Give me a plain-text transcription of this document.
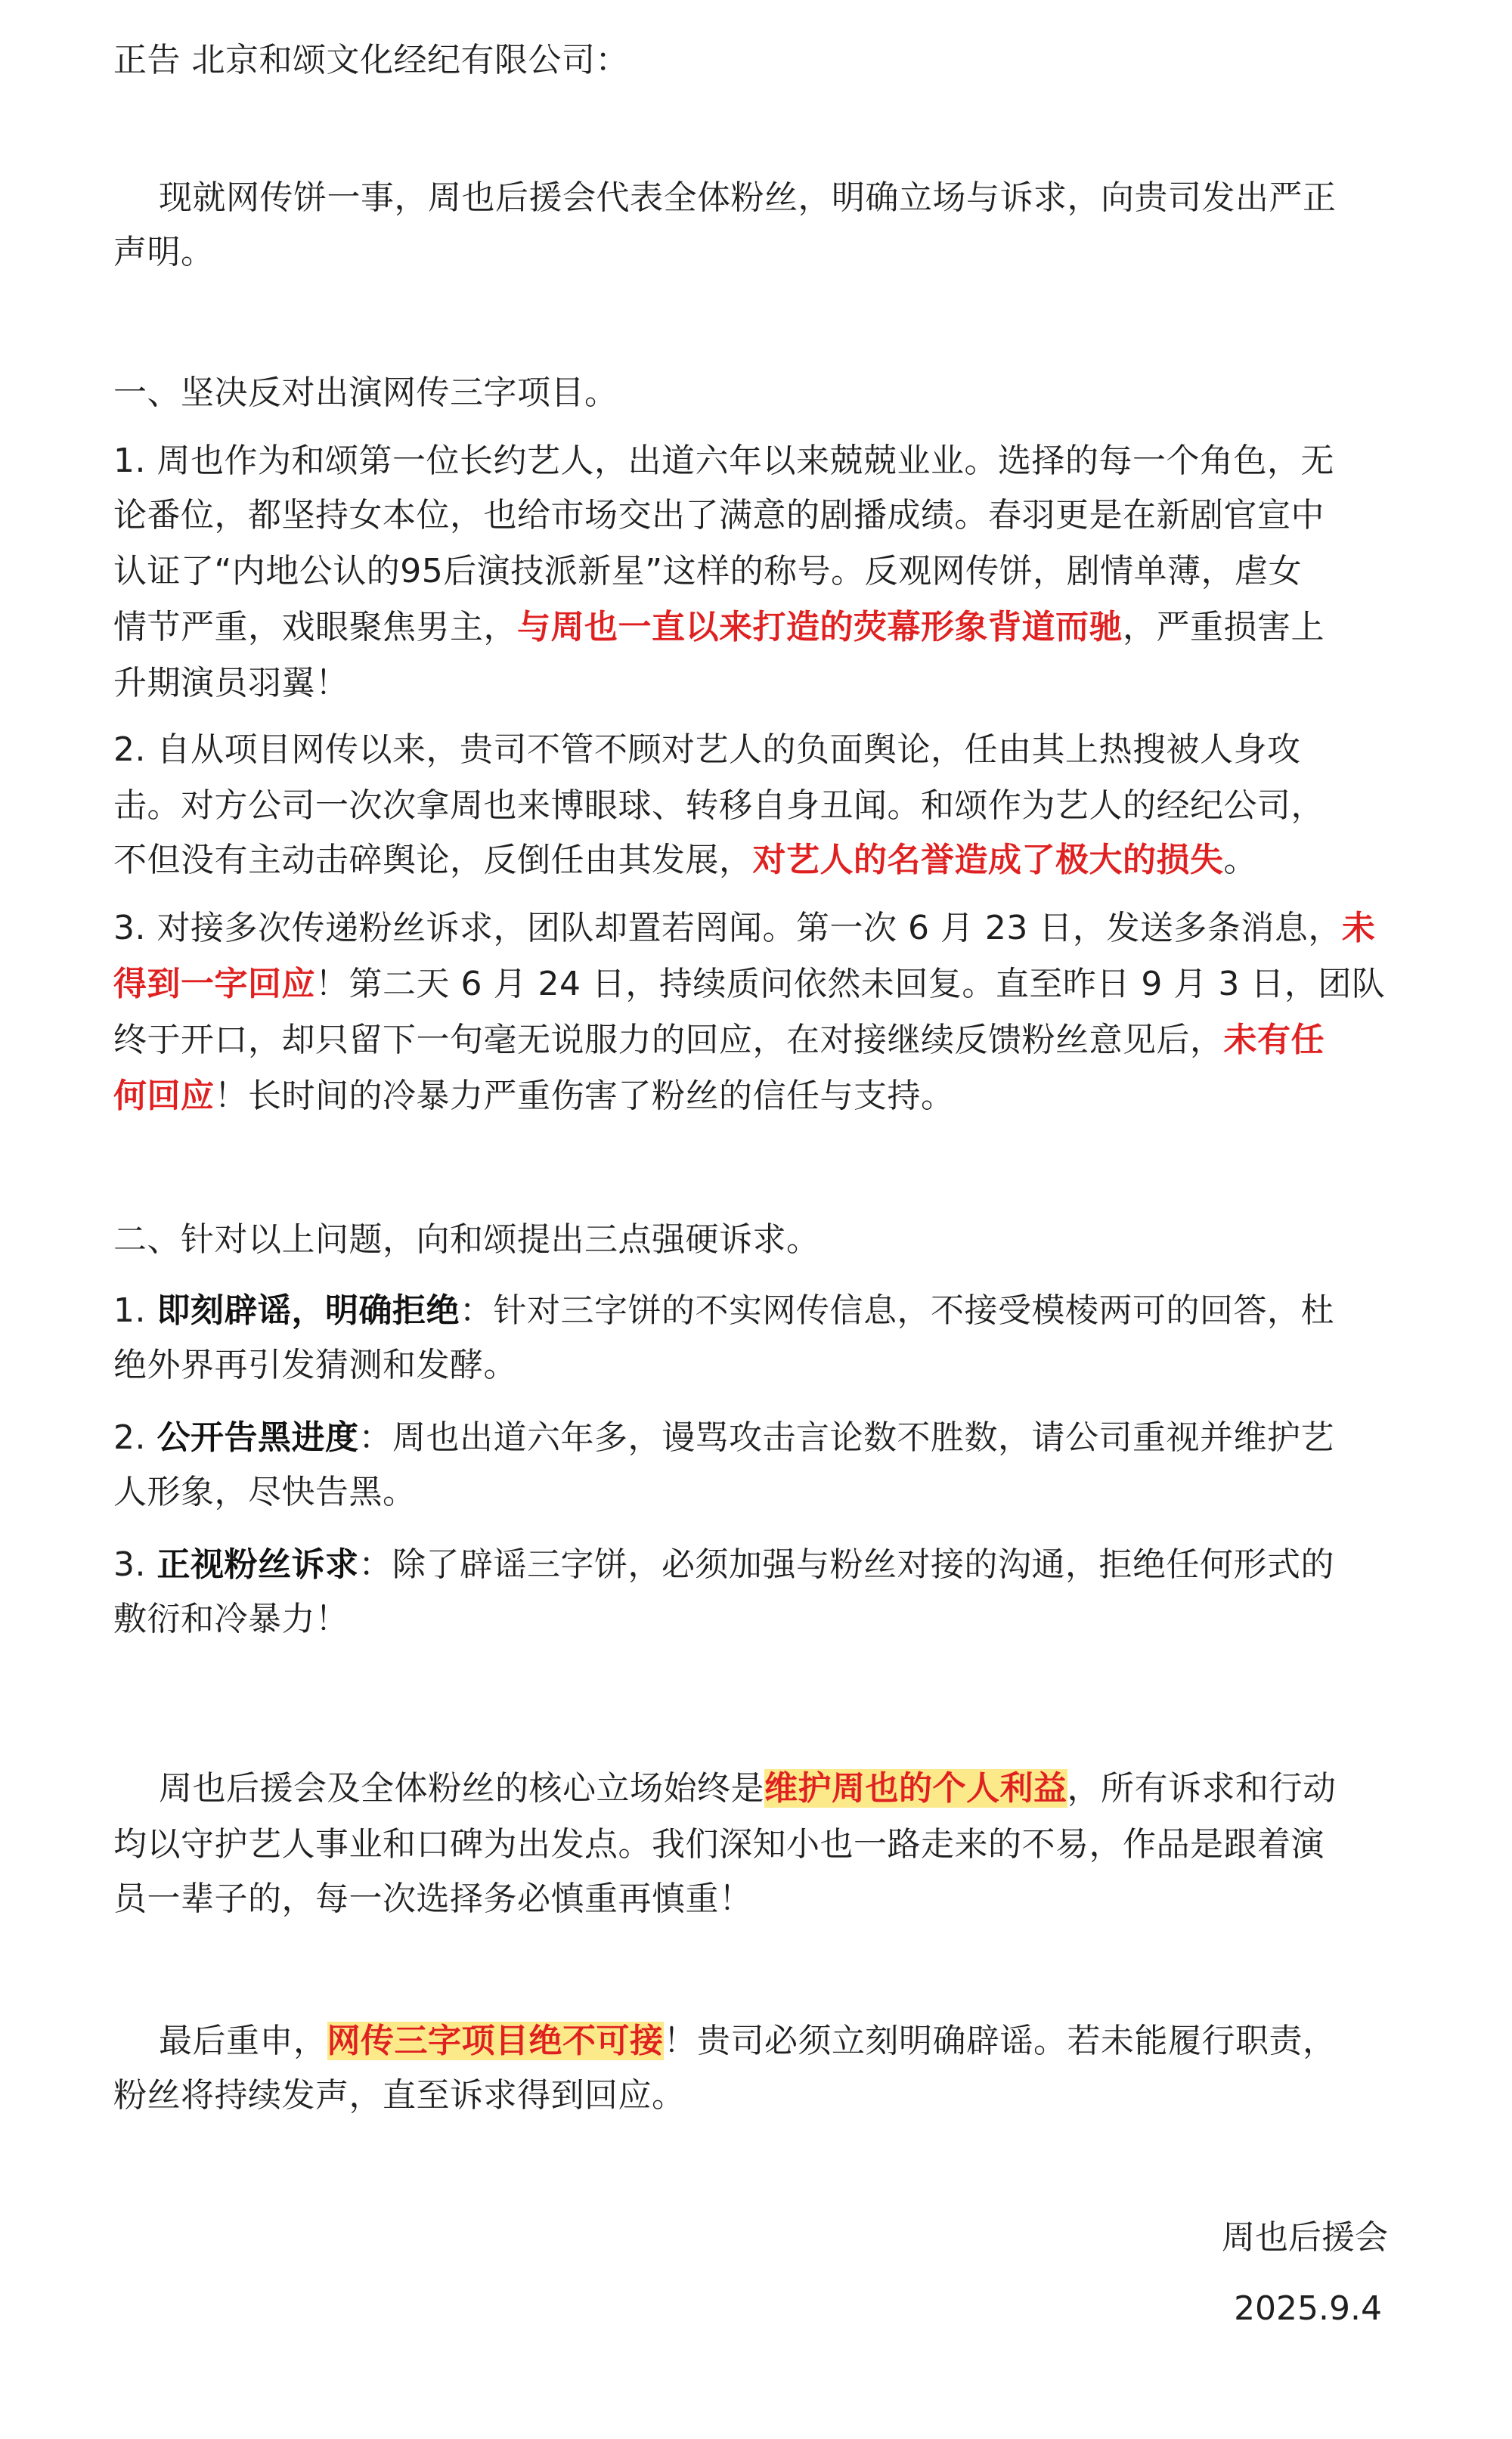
正告 北京和颂文化经纪有限公司：
现就网传饼一事，周也后援会代表全体粉丝，明确立场与诉求，向贵司发出严正
声明。
一、坚决反对出演网传三字项目。
1. 周也作为和颂第一位长约艺人，出道六年以来兢兢业业。选择的每一个角色，无
论番位，都坚持女本位，也给市场交出了满意的剧播成绩。春羽更是在新剧官宣中
认证了“内地公认的95后演技派新星”这样的称号。反观网传饼，剧情单薄，虐女
情节严重，戏眼聚焦男主，与周也一直以来打造的荧幕形象背道而驰，严重损害上
升期演员羽翼！
2. 自从项目网传以来，贵司不管不顾对艺人的负面舆论，任由其上热搜被人身攻
击。对方公司一次次拿周也来博眼球、转移自身丑闻。和颂作为艺人的经纪公司，
不但没有主动击碎舆论，反倒任由其发展，对艺人的名誉造成了极大的损失。
3. 对接多次传递粉丝诉求，团队却置若罔闻。第一次 6 月 23 日，发送多条消息，未
得到一字回应！第二天 6 月 24 日，持续质问依然未回复。直至昨日 9 月 3 日，团队
终于开口，却只留下一句毫无说服力的回应，在对接继续反馈粉丝意见后，未有任
何回应！长时间的冷暴力严重伤害了粉丝的信任与支持。
二、针对以上问题，向和颂提出三点强硬诉求。
1. 即刻辟谣，明确拒绝：针对三字饼的不实网传信息，不接受模棱两可的回答，杜
绝外界再引发猜测和发酵。
2. 公开告黑进度：周也出道六年多，谩骂攻击言论数不胜数，请公司重视并维护艺
人形象，尽快告黑。
3. 正视粉丝诉求：除了辟谣三字饼，必须加强与粉丝对接的沟通，拒绝任何形式的
敷衍和冷暴力！
周也后援会及全体粉丝的核心立场始终是维护周也的个人利益，所有诉求和行动
均以守护艺人事业和口碑为出发点。我们深知小也一路走来的不易，作品是跟着演
员一辈子的，每一次选择务必慎重再慎重！
最后重申，网传三字项目绝不可接！贵司必须立刻明确辟谣。若未能履行职责，
粉丝将持续发声，直至诉求得到回应。
周也后援会
2025.9.4
